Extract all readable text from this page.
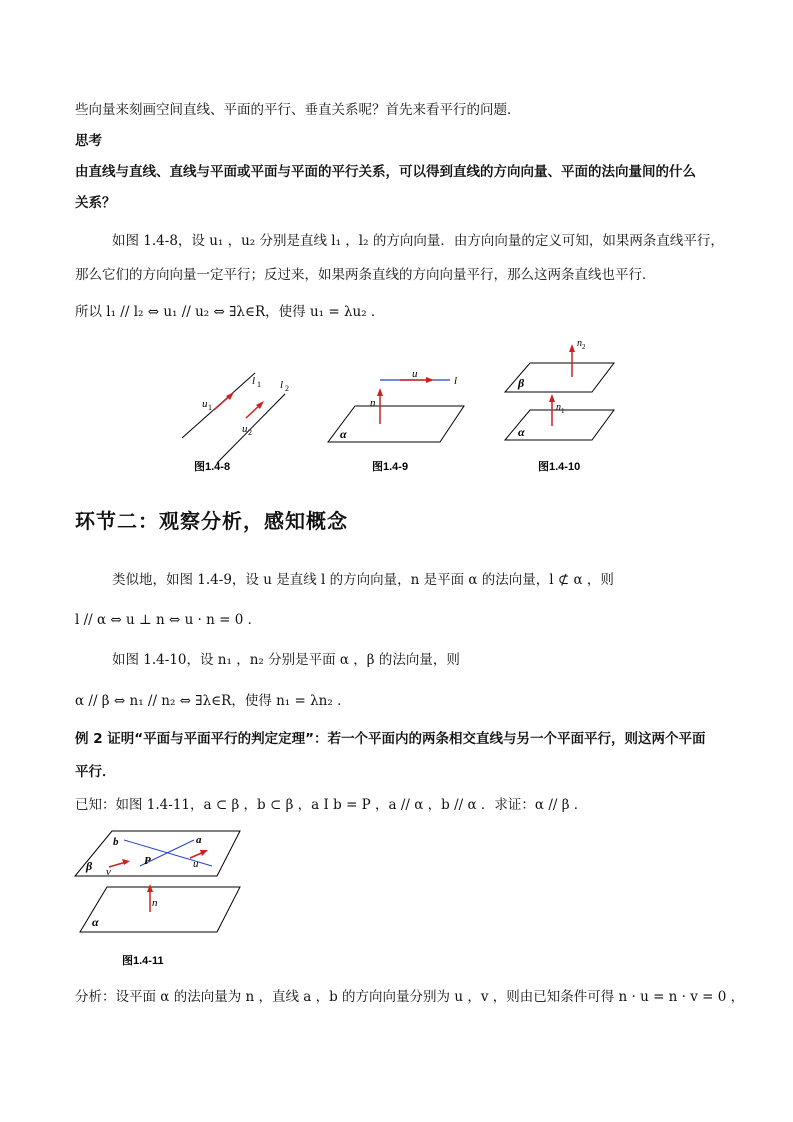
些向量来刻画空间直线、平面的平行、垂直关系呢？首先来看平行的问题．
思考
由直线与直线、直线与平面或平面与平面的平行关系，可以得到直线的方向向量、平面的法向量间的什么
关系？
如图 1.4-8，设 u₁ ，u₂ 分别是直线 l₁ ，l₂ 的方向向量．由方向向量的定义可知，如果两条直线平行，
那么它们的方向向量一定平行；反过来，如果两条直线的方向向量平行，那么这两条直线也平行．
所以 l₁ // l₂ ⇔ u₁ // u₂ ⇔ ∃λ∈R，使得 u₁ = λu₂ ．
l 1 l 2
u 1
u 2
图1.4-8
u
n
l
α
图1.4-9
n 2
n 1
β
α
图1.4-10
环节二：观察分析，感知概念
类似地，如图 1.4-9，设 u 是直线 l 的方向向量，n 是平面 α 的法向量，l ⊄ α ，则
l // α ⇔ u ⊥ n ⇔ u · n = 0 ．
如图 1.4-10，设 n₁ ，n₂ 分别是平面 α ，β 的法向量，则
α // β ⇔ n₁ // n₂ ⇔ ∃λ∈R，使得 n₁ = λn₂ ．
例 2 证明“平面与平面平行的判定定理”：若一个平面内的两条相交直线与另一个平面平行，则这两个平面
平行．
已知：如图 1.4-11，a ⊂ β ，b ⊂ β ，a I b = P ，a // α ，b // α ．求证：α // β ．
b	a
P	u
v
n
β
α
图1.4-11
分析：设平面 α 的法向量为 n ，直线 a ，b 的方向向量分别为 u ，v ，则由已知条件可得 n · u = n · v = 0 ，
